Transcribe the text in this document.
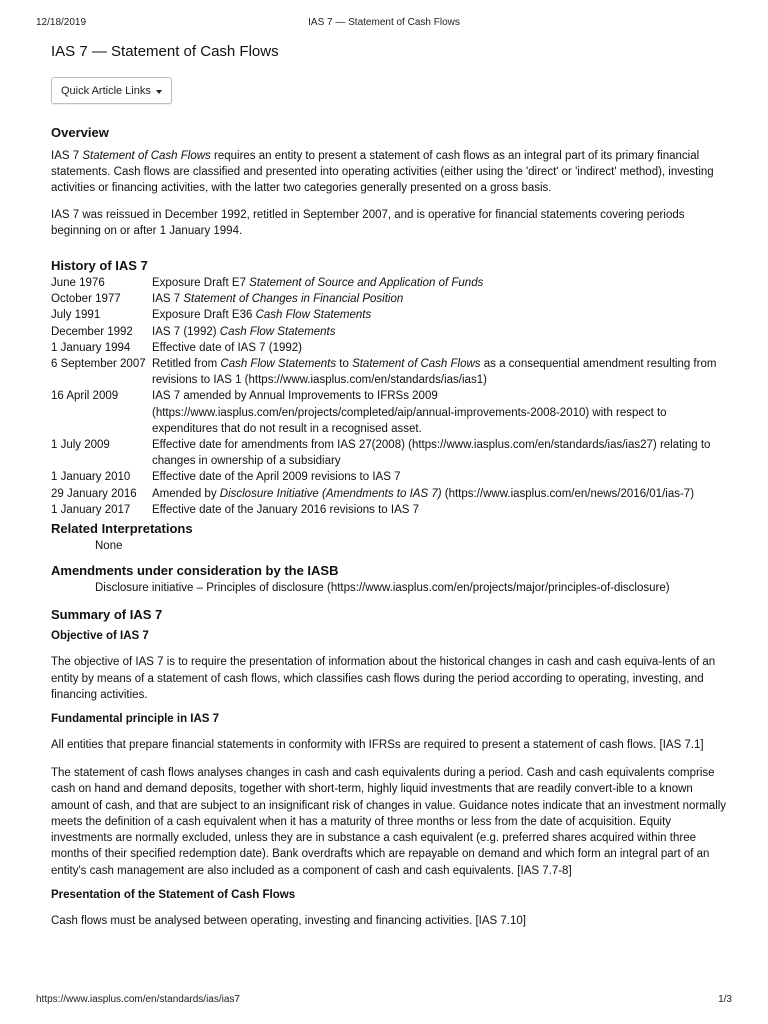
12/18/2019	IAS 7 — Statement of Cash Flows
IAS 7 — Statement of Cash Flows
Quick Article Links
Overview

IAS 7 Statement of Cash Flows requires an entity to present a statement of cash flows as an integral part of its primary financial statements. Cash flows are classified and presented into operating activities (either using the 'direct' or 'indirect' method), investing activities or financing activities, with the latter two categories generally presented on a gross basis.

IAS 7 was reissued in December 1992, retitled in September 2007, and is operative for financial statements covering periods beginning on or after 1 January 1994.

History of IAS 7
June 1976	Exposure Draft E7 Statement of Source and Application of Funds
October 1977	IAS 7 Statement of Changes in Financial Position
July 1991	Exposure Draft E36 Cash Flow Statements
December 1992	IAS 7 (1992) Cash Flow Statements
1 January 1994	Effective date of IAS 7 (1992)
6 September 2007	Retitled from Cash Flow Statements to Statement of Cash Flows as a consequential amendment resulting from revisions to IAS 1 (https://www.iasplus.com/en/standards/ias/ias1)
16 April 2009	IAS 7 amended by Annual Improvements to IFRSs 2009 (https://www.iasplus.com/en/projects/completed/aip/annual-improvements-2008-2010) with respect to expenditures that do not result in a recognised asset.
1 July 2009	Effective date for amendments from IAS 27(2008) (https://www.iasplus.com/en/standards/ias/ias27) relating to changes in ownership of a subsidiary
1 January 2010	Effective date of the April 2009 revisions to IAS 7
29 January 2016	Amended by Disclosure Initiative (Amendments to IAS 7) (https://www.iasplus.com/en/news/2016/01/ias-7)
1 January 2017	Effective date of the January 2016 revisions to IAS 7
Related Interpretations

None

Amendments under consideration by the IASB

Disclosure initiative – Principles of disclosure (https://www.iasplus.com/en/projects/major/principles-of-disclosure)

Summary of IAS 7
Objective of IAS 7

The objective of IAS 7 is to require the presentation of information about the historical changes in cash and cash equiva-lents of an entity by means of a statement of cash flows, which classifies cash flows during the period according to operating, investing, and financing activities.

Fundamental principle in IAS 7

All entities that prepare financial statements in conformity with IFRSs are required to present a statement of cash flows. [IAS 7.1]

The statement of cash flows analyses changes in cash and cash equivalents during a period. Cash and cash equivalents comprise cash on hand and demand deposits, together with short-term, highly liquid investments that are readily convert-ible to a known amount of cash, and that are subject to an insignificant risk of changes in value. Guidance notes indicate that an investment normally meets the definition of a cash equivalent when it has a maturity of three months or less from the date of acquisition. Equity investments are normally excluded, unless they are in substance a cash equivalent (e.g. preferred shares acquired within three months of their specified redemption date). Bank overdrafts which are repayable on demand and which form an integral part of an entity's cash management are also included as a component of cash and cash equivalents. [IAS 7.7-8]

Presentation of the Statement of Cash Flows

Cash flows must be analysed between operating, investing and financing activities. [IAS 7.10]

https://www.iasplus.com/en/standards/ias/ias7	1/3
